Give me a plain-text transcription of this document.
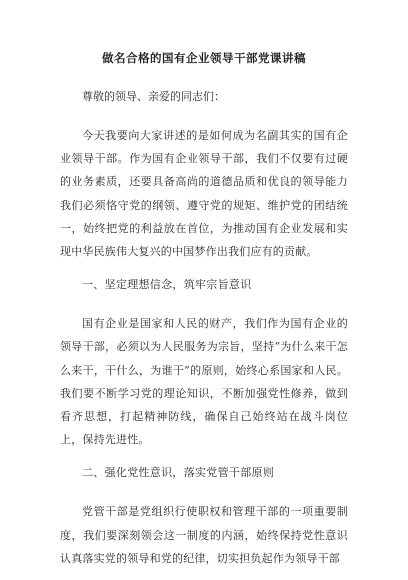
做名合格的国有企业领导干部党课讲稿
尊敬的领导、亲爱的同志们：
今天我要向大家讲述的是如何成为名副其实的国有企业领导干部。作为国有企业领导干部，我们不仅要有过硬的业务素质，还要具备高尚的道德品质和优良的领导能力我们必须恪守党的纲领、遵守党的规矩、维护党的团结统一，始终把党的利益放在首位，为推动国有企业发展和实现中华民族伟大复兴的中国梦作出我们应有的贡献。
一、坚定理想信念，筑牢宗旨意识
国有企业是国家和人民的财产，我们作为国有企业的领导干部，必须以为人民服务为宗旨，坚持“为什么来干怎么来干，干什么，为谁干”的原则，始终心系国家和人民。我们要不断学习党的理论知识，不断加强党性修养，做到看齐思想，打起精神防线，确保自己始终站在战斗岗位上，保持先进性。
二、强化党性意识，落实党管干部原则
党管干部是党组织行使职权和管理干部的一项重要制度，我们要深刻领会这一制度的内涵，始终保持党性意识认真落实党的领导和党的纪律，切实担负起作为领导干部
